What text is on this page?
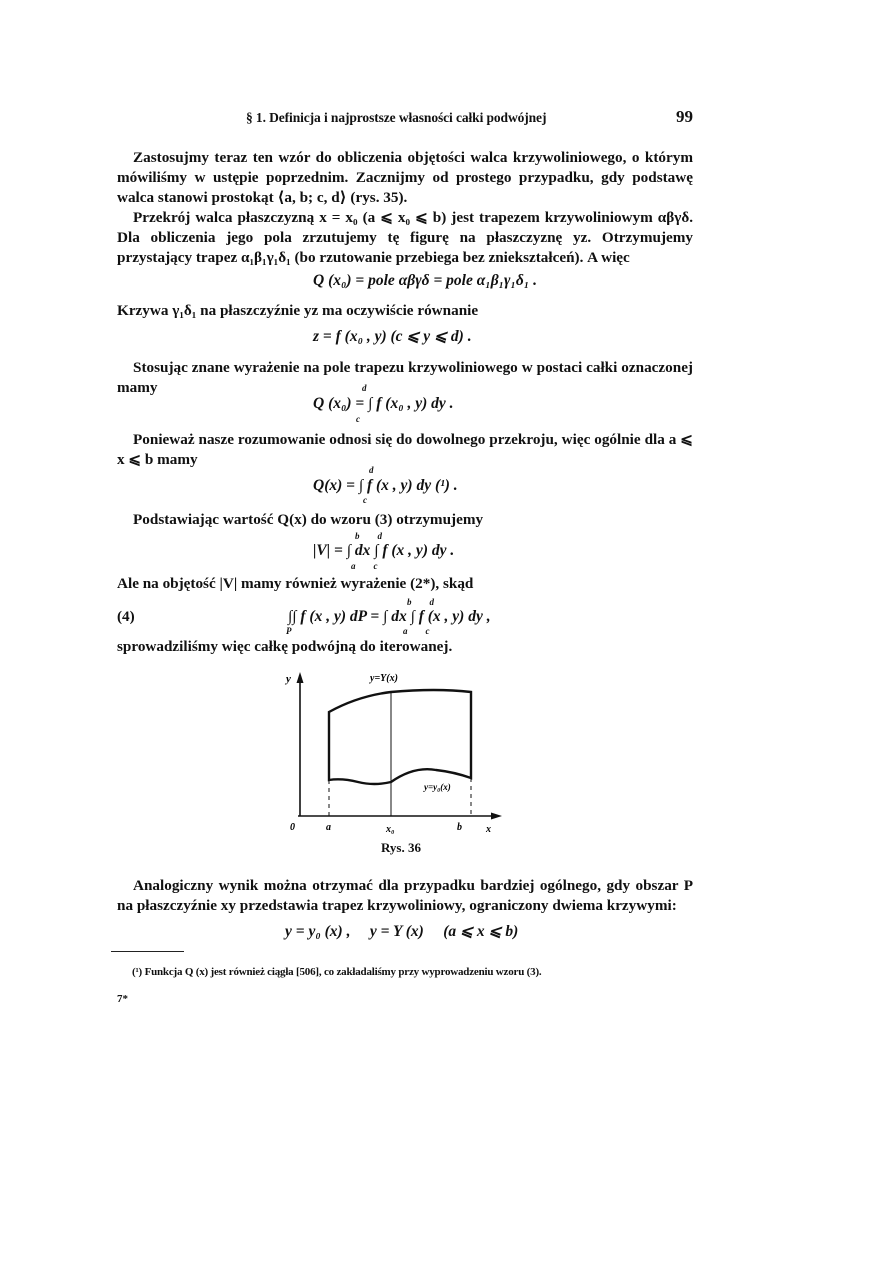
§ 1. Definicja i najprostsze własności całki podwójnej	99
Zastosujmy teraz ten wzór do obliczenia objętości walca krzywoliniowego, o którym mówiliśmy w ustępie poprzednim. Zacznijmy od prostego przypadku, gdy podstawę walca stanowi prostokąt ⟨a, b; c, d⟩ (rys. 35).
Przekrój walca płaszczyzną x = x₀ (a ⩽ x₀ ⩽ b) jest trapezem krzywoliniowym αβγδ. Dla obliczenia jego pola zrzutujemy tę figurę na płaszczyznę yz. Otrzymujemy przystający trapez α₁β₁γ₁δ₁ (bo rzutowanie przebiega bez zniekształceń). A więc
Q (x₀) = pole αβγδ = pole α₁β₁γ₁δ₁ .
Krzywa γ₁δ₁ na płaszczyźnie yz ma oczywiście równanie
z = f (x₀ , y) (c ⩽ y ⩽ d) .
Stosując znane wyrażenie na pole trapezu krzywoliniowego w postaci całki oznaczonej mamy	d
Q (x₀) = ∫ f (x₀ , y) dy .
c
Ponieważ nasze rozumowanie odnosi się do dowolnego przekroju, więc ogólnie dla a ⩽ x ⩽ b mamy
d
Q(x) = ∫ f (x , y) dy (¹) .
c
Podstawiając wartość Q(x) do wzoru (3) otrzymujemy
b        d
|V| = ∫ dx ∫ f (x , y) dy .
a        c
Ale na objętość |V| mamy również wyrażenie (2*), skąd
b        d
(4)	∫∫ f (x , y) dP = ∫ dx ∫ f (x , y) dy ,
P	a        c
sprowadziliśmy więc całkę podwójną do iterowanej.
y
x
0	a	x₀	b
y=Y(x)
y=y₀(x)
Rys. 36
Analogiczny wynik można otrzymać dla przypadku bardziej ogólnego, gdy obszar P na płaszczyźnie xy przedstawia trapez krzywoliniowy, ograniczony dwiema krzywymi:
y = y₀ (x) ,     y = Y (x)     (a ⩽ x ⩽ b)
(¹) Funkcja Q (x) jest również ciągła [506], co zakładaliśmy przy wyprowadzeniu wzoru (3).
7*
